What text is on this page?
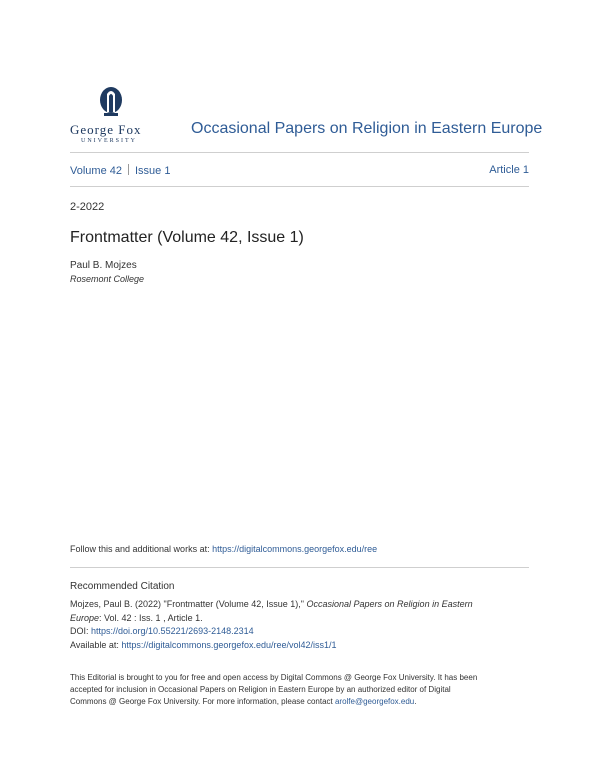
George Fox
UNIVERSITY
Occasional Papers on Religion in Eastern Europe
Volume 42 Issue 1	Article 1
2-2022
Frontmatter (Volume 42, Issue 1)
Paul B. Mojzes
Rosemont College
Follow this and additional works at: https://digitalcommons.georgefox.edu/ree
Recommended Citation
Mojzes, Paul B. (2022) "Frontmatter (Volume 42, Issue 1)," Occasional Papers on Religion in Eastern
Europe: Vol. 42 : Iss. 1 , Article 1.
DOI: https://doi.org/10.55221/2693-2148.2314
Available at: https://digitalcommons.georgefox.edu/ree/vol42/iss1/1
This Editorial is brought to you for free and open access by Digital Commons @ George Fox University. It has been
accepted for inclusion in Occasional Papers on Religion in Eastern Europe by an authorized editor of Digital
Commons @ George Fox University. For more information, please contact arolfe@georgefox.edu.
